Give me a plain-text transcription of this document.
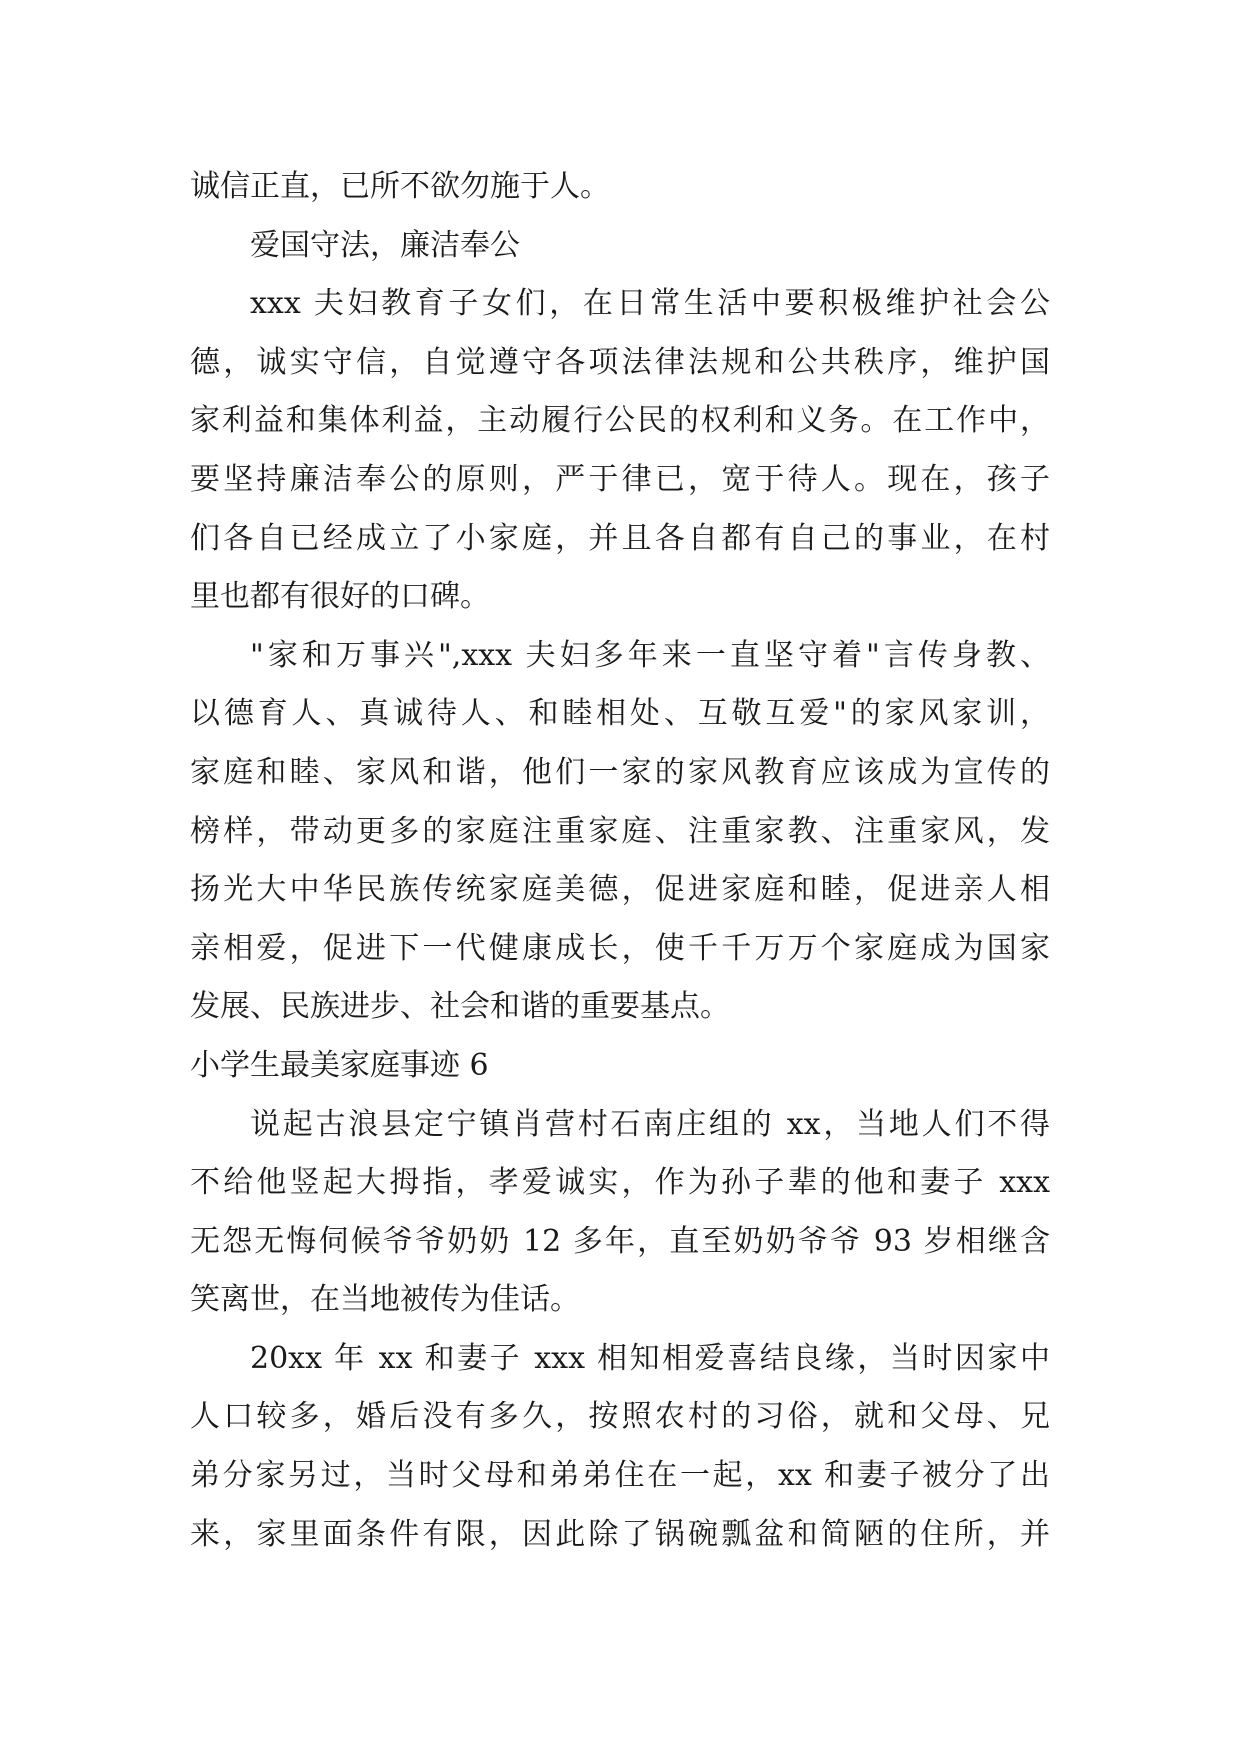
诚信正直，已所不欲勿施于人。
爱国守法，廉洁奉公
xxx 夫妇教育子女们，在日常生活中要积极维护社会公
德，诚实守信，自觉遵守各项法律法规和公共秩序，维护国
家利益和集体利益，主动履行公民的权利和义务。在工作中，
要坚持廉洁奉公的原则，严于律已，宽于待人。现在，孩子
们各自已经成立了小家庭，并且各自都有自己的事业，在村
里也都有很好的口碑。
"家和万事兴",xxx 夫妇多年来一直坚守着"言传身教、
以德育人、真诚待人、和睦相处、互敬互爱"的家风家训，
家庭和睦、家风和谐，他们一家的家风教育应该成为宣传的
榜样，带动更多的家庭注重家庭、注重家教、注重家风，发
扬光大中华民族传统家庭美德，促进家庭和睦，促进亲人相
亲相爱，促进下一代健康成长，使千千万万个家庭成为国家
发展、民族进步、社会和谐的重要基点。
小学生最美家庭事迹 6
说起古浪县定宁镇肖营村石南庄组的 xx，当地人们不得
不给他竖起大拇指，孝爱诚实，作为孙子辈的他和妻子 xxx
无怨无悔伺候爷爷奶奶 12 多年，直至奶奶爷爷 93 岁相继含
笑离世，在当地被传为佳话。
20xx 年 xx 和妻子 xxx 相知相爱喜结良缘，当时因家中
人口较多，婚后没有多久，按照农村的习俗，就和父母、兄
弟分家另过，当时父母和弟弟住在一起，xx 和妻子被分了出
来，家里面条件有限，因此除了锅碗瓢盆和简陋的住所，并
